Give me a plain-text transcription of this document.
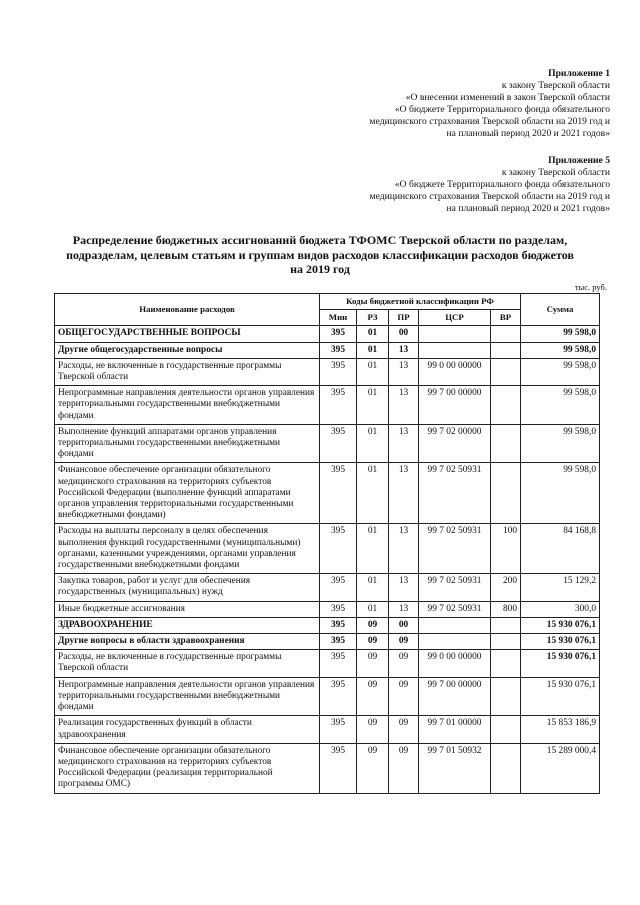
Приложение 1
к закону Тверской области
«О внесении изменений в закон Тверской области
«О бюджете Территориального фонда обязательного
медицинского страхования Тверской области на 2019 год и
на плановый период 2020 и 2021 годов»
Приложение 5
к закону Тверской области
«О бюджете Территориального фонда обязательного
медицинского страхования Тверской области на 2019 год и
на плановый период 2020 и 2021 годов»
Распределение бюджетных ассигнований бюджета ТФОМС Тверской области по разделам,
подразделам, целевым статьям и группам видов расходов классификации расходов бюджетов
на 2019 год
тыс. руб.
Наименование расходов	Коды бюджетной классификации РФ					Сумма
	Мин	РЗ	ПР	ЦСР	ВР	
ОБЩЕГОСУДАРСТВЕННЫЕ ВОПРОСЫ	395	01	00			99 598,0
Другие общегосударственные вопросы	395	01	13			99 598,0
Расходы, не включенные в государственные программы Тверской области	395	01	13	99 0 00 00000		99 598,0
Непрограммные направления деятельности органов управления территориальными государственными внебюджетными фондами	395	01	13	99 7 00 00000		99 598,0
Выполнение функций аппаратами органов управления территориальными государственными внебюджетными фондами	395	01	13	99 7 02 00000		99 598,0
Финансовое обеспечение организации обязательного медицинского страхования на территориях субъектов Российской Федерации (выполнение функций аппаратами органов управления территориальными государственными внебюджетными фондами)	395	01	13	99 7 02 50931		99 598,0
Расходы на выплаты персоналу в целях обеспечения выполнения функций государственными (муниципальными) органами, казенными учреждениями, органами управления государственными внебюджетными фондами	395	01	13	99 7 02 50931	100	84 168,8
Закупка товаров, работ и услуг для обеспечения государственных (муниципальных) нужд	395	01	13	99 7 02 50931	200	15 129,2
Иные бюджетные ассигнования	395	01	13	99 7 02 50931	800	300,0
ЗДРАВООХРАНЕНИЕ	395	09	00			15 930 076,1
Другие вопросы в области здравоохранения	395	09	09			15 930 076,1
Расходы, не включенные в государственные программы Тверской области	395	09	09	99 0 00 00000		15 930 076,1
Непрограммные направления деятельности органов управления территориальными государственными внебюджетными фондами	395	09	09	99 7 00 00000		15 930 076,1
Реализация государственных функций в области здравоохранения	395	09	09	99 7 01 00000		15 853 186,9
Финансовое обеспечение организации обязательного медицинского страхования на территориях субъектов Российской Федерации (реализация территориальной программы ОМС)	395	09	09	99 7 01 50932		15 289 000,4
